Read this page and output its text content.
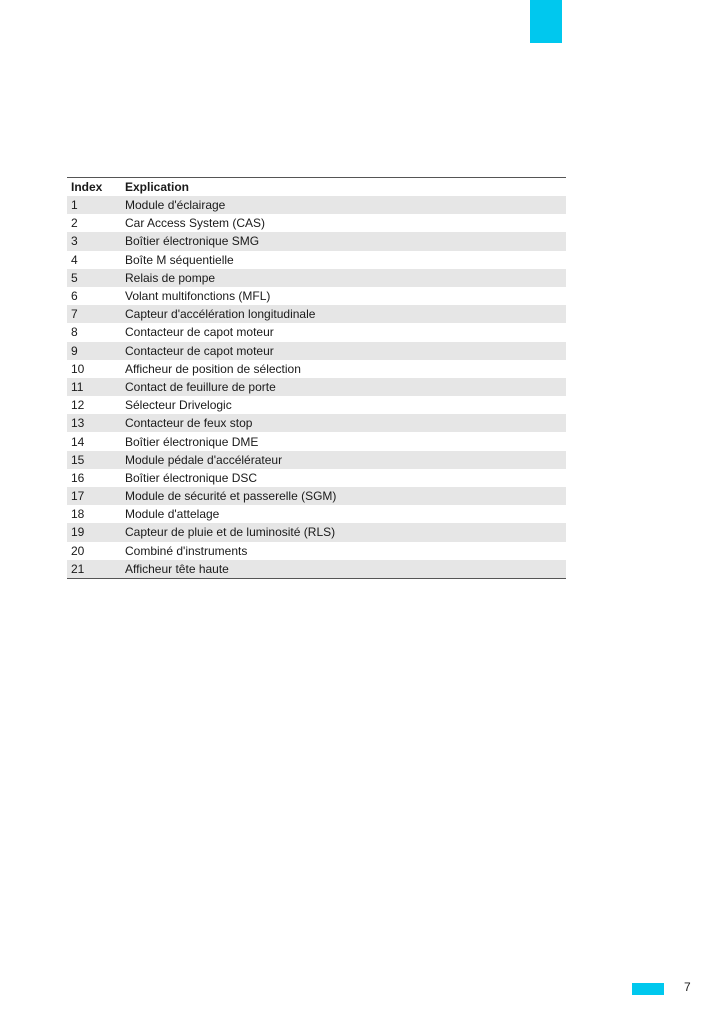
Index	Explication
1	Module d'éclairage
2	Car Access System (CAS)
3	Boîtier électronique SMG
4	Boîte M séquentielle
5	Relais de pompe
6	Volant multifonctions (MFL)
7	Capteur d'accélération longitudinale
8	Contacteur de capot moteur
9	Contacteur de capot moteur
10	Afficheur de position de sélection
11	Contact de feuillure de porte
12	Sélecteur Drivelogic
13	Contacteur de feux stop
14	Boîtier électronique DME
15	Module pédale d'accélérateur
16	Boîtier électronique DSC
17	Module de sécurité et passerelle (SGM)
18	Module d'attelage
19	Capteur de pluie et de luminosité (RLS)
20	Combiné d'instruments
21	Afficheur tête haute
7
